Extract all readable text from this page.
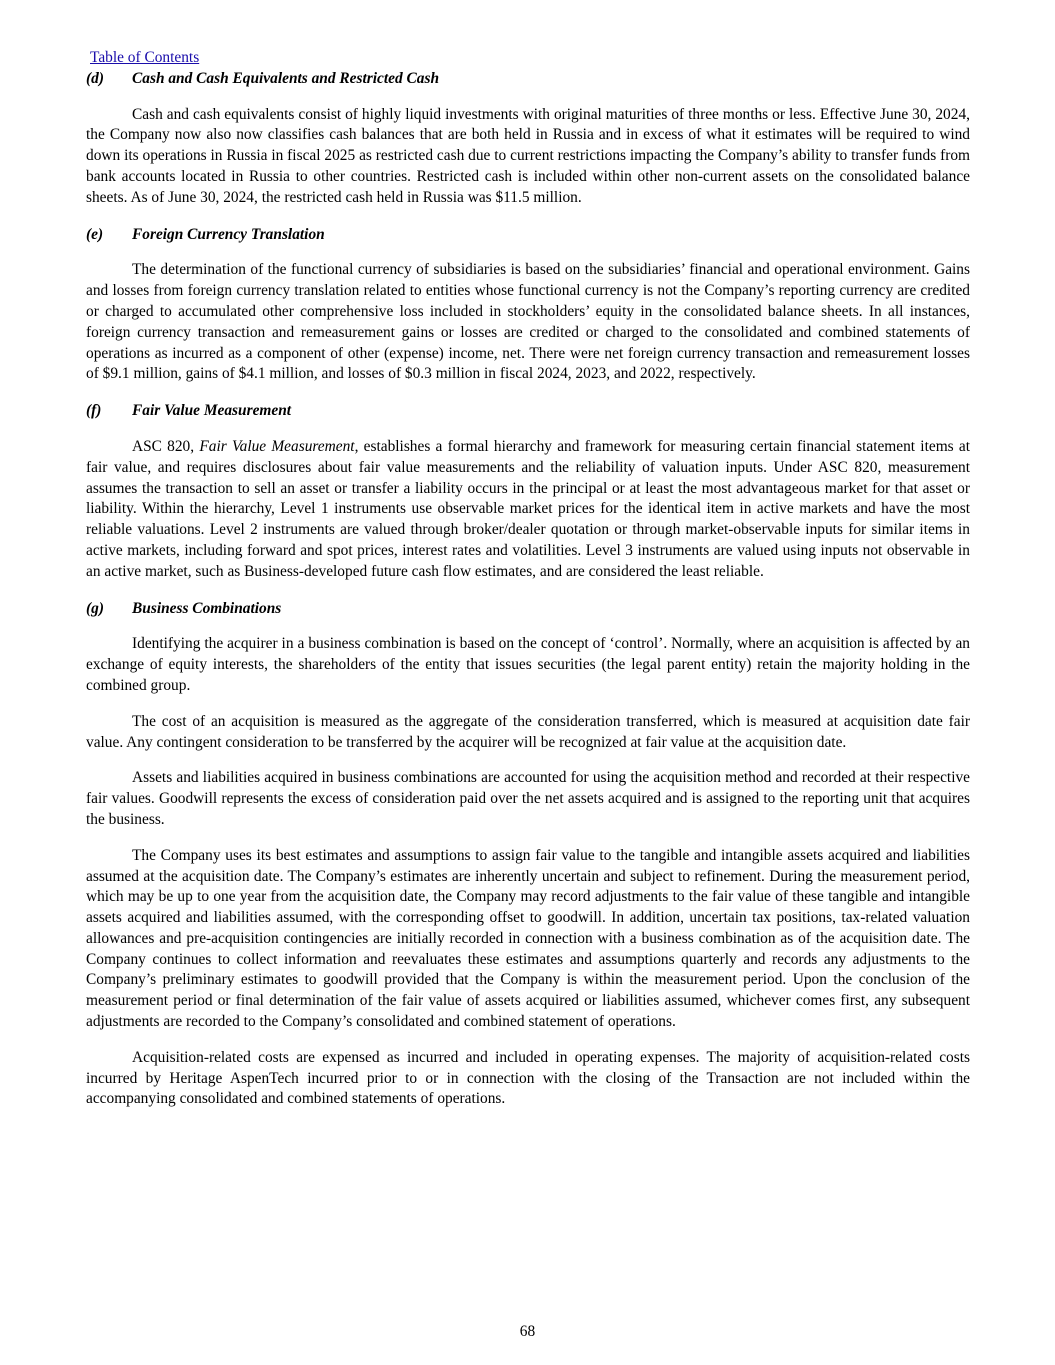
Table of Contents
(d)	Cash and Cash Equivalents and Restricted Cash

Cash and cash equivalents consist of highly liquid investments with original maturities of three months or less. Effective June 30, 2024, the Company now also now classifies cash balances that are both held in Russia and in excess of what it estimates will be required to wind down its operations in Russia in fiscal 2025 as restricted cash due to current restrictions impacting the Company’s ability to transfer funds from bank accounts located in Russia to other countries. Restricted cash is included within other non-current assets on the consolidated balance sheets. As of June 30, 2024, the restricted cash held in Russia was $11.5 million.

(e)	Foreign Currency Translation

The determination of the functional currency of subsidiaries is based on the subsidiaries’ financial and operational environment. Gains and losses from foreign currency translation related to entities whose functional currency is not the Company’s reporting currency are credited or charged to accumulated other comprehensive loss included in stockholders’ equity in the consolidated balance sheets. In all instances, foreign currency transaction and remeasurement gains or losses are credited or charged to the consolidated and combined statements of operations as incurred as a component of other (expense) income, net. There were net foreign currency transaction and remeasurement losses of $9.1 million, gains of $4.1 million, and losses of $0.3 million in fiscal 2024, 2023, and 2022, respectively.

(f)	Fair Value Measurement

ASC 820, Fair Value Measurement, establishes a formal hierarchy and framework for measuring certain financial statement items at fair value, and requires disclosures about fair value measurements and the reliability of valuation inputs. Under ASC 820, measurement assumes the transaction to sell an asset or transfer a liability occurs in the principal or at least the most advantageous market for that asset or liability. Within the hierarchy, Level 1 instruments use observable market prices for the identical item in active markets and have the most reliable valuations. Level 2 instruments are valued through broker/dealer quotation or through market-observable inputs for similar items in active markets, including forward and spot prices, interest rates and volatilities. Level 3 instruments are valued using inputs not observable in an active market, such as Business-developed future cash flow estimates, and are considered the least reliable.

(g)	Business Combinations

Identifying the acquirer in a business combination is based on the concept of ‘control’. Normally, where an acquisition is affected by an exchange of equity interests, the shareholders of the entity that issues securities (the legal parent entity) retain the majority holding in the combined group.

The cost of an acquisition is measured as the aggregate of the consideration transferred, which is measured at acquisition date fair value. Any contingent consideration to be transferred by the acquirer will be recognized at fair value at the acquisition date.

Assets and liabilities acquired in business combinations are accounted for using the acquisition method and recorded at their respective fair values. Goodwill represents the excess of consideration paid over the net assets acquired and is assigned to the reporting unit that acquires the business.

The Company uses its best estimates and assumptions to assign fair value to the tangible and intangible assets acquired and liabilities assumed at the acquisition date. The Company’s estimates are inherently uncertain and subject to refinement. During the measurement period, which may be up to one year from the acquisition date, the Company may record adjustments to the fair value of these tangible and intangible assets acquired and liabilities assumed, with the corresponding offset to goodwill. In addition, uncertain tax positions, tax-related valuation allowances and pre-acquisition contingencies are initially recorded in connection with a business combination as of the acquisition date. The Company continues to collect information and reevaluates these estimates and assumptions quarterly and records any adjustments to the Company’s preliminary estimates to goodwill provided that the Company is within the measurement period. Upon the conclusion of the measurement period or final determination of the fair value of assets acquired or liabilities assumed, whichever comes first, any subsequent adjustments are recorded to the Company’s consolidated and combined statement of operations.

Acquisition-related costs are expensed as incurred and included in operating expenses. The majority of acquisition-related costs incurred by Heritage AspenTech incurred prior to or in connection with the closing of the Transaction are not included within the accompanying consolidated and combined statements of operations.

68
